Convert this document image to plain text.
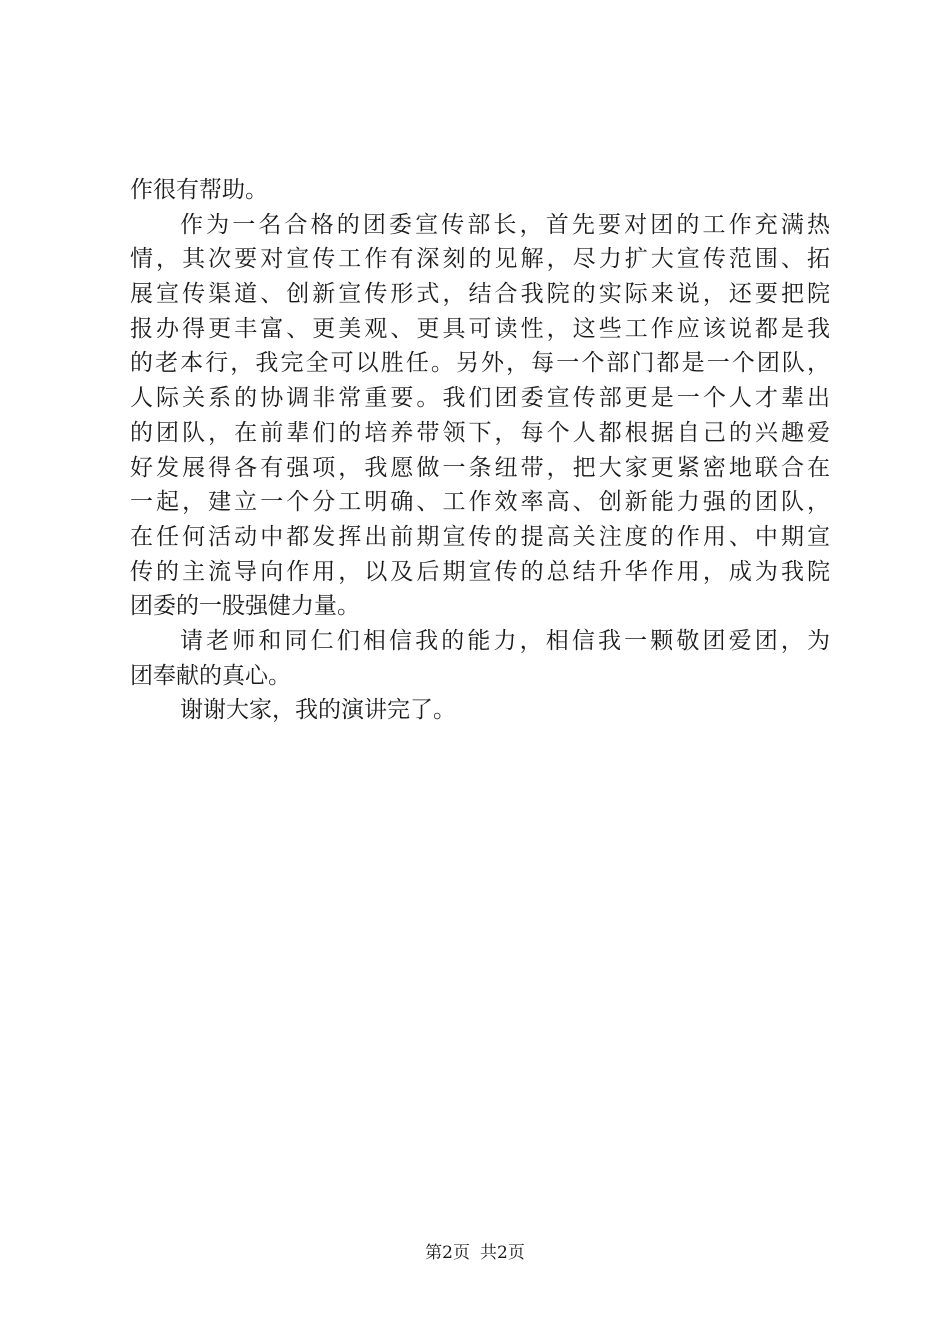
作很有帮助。
作为一名合格的团委宣传部长，首先要对团的工作充满热
情，其次要对宣传工作有深刻的见解，尽力扩大宣传范围、拓
展宣传渠道、创新宣传形式，结合我院的实际来说，还要把院
报办得更丰富、更美观、更具可读性，这些工作应该说都是我
的老本行，我完全可以胜任。另外，每一个部门都是一个团队，
人际关系的协调非常重要。我们团委宣传部更是一个人才辈出
的团队，在前辈们的培养带领下，每个人都根据自己的兴趣爱
好发展得各有强项，我愿做一条纽带，把大家更紧密地联合在
一起，建立一个分工明确、工作效率高、创新能力强的团队，
在任何活动中都发挥出前期宣传的提高关注度的作用、中期宣
传的主流导向作用，以及后期宣传的总结升华作用，成为我院
团委的一股强健力量。
请老师和同仁们相信我的能力，相信我一颗敬团爱团，为
团奉献的真心。
谢谢大家，我的演讲完了。
第2页 共2页
